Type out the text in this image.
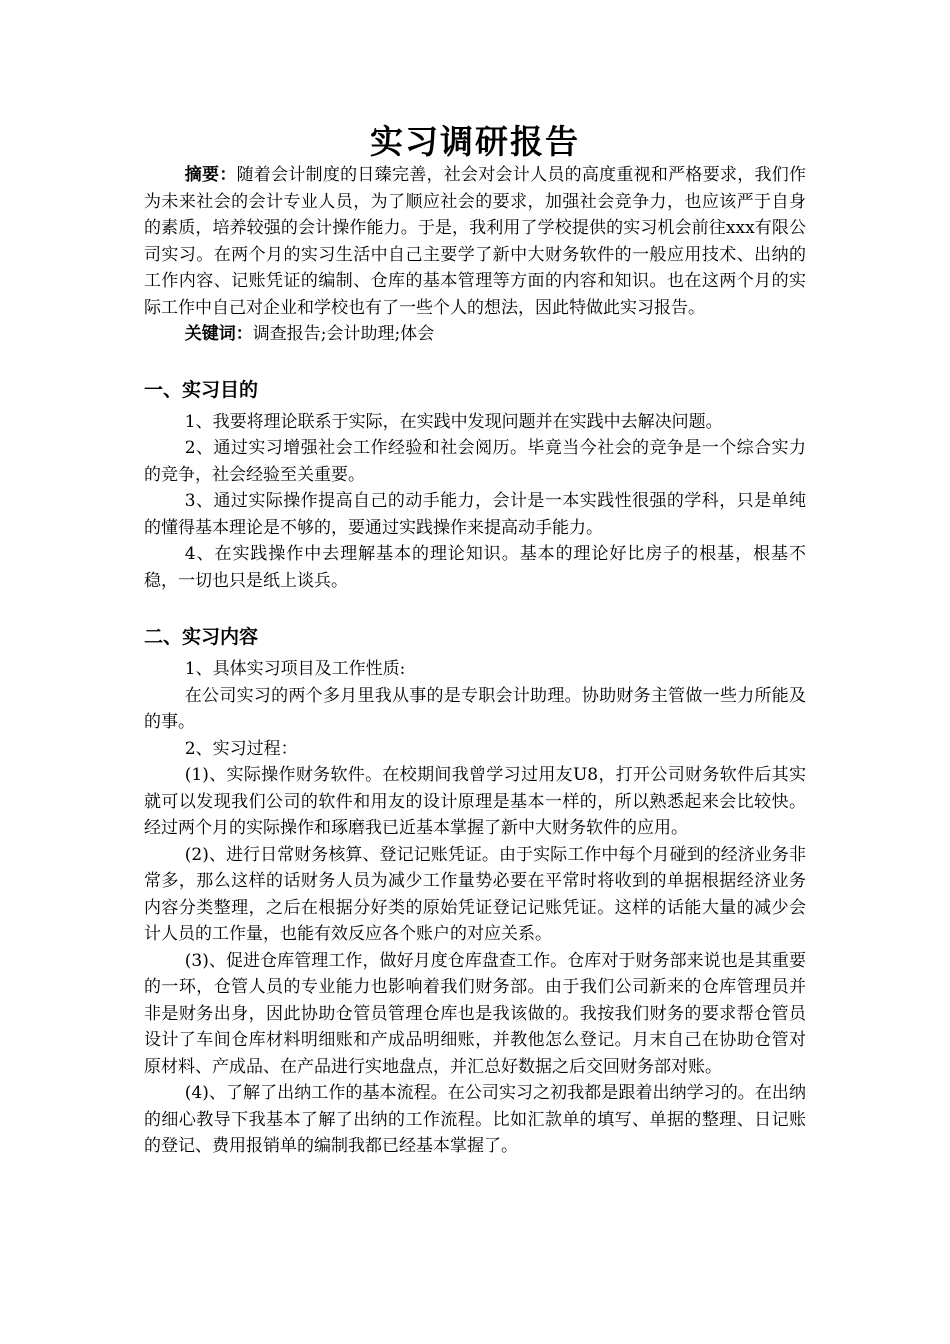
实习调研报告

摘要：随着会计制度的日臻完善，社会对会计人员的高度重视和严格要求，我们作为未来社会的会计专业人员，为了顺应社会的要求，加强社会竞争力，也应该严于自身的素质，培养较强的会计操作能力。于是，我利用了学校提供的实习机会前往xxx有限公司实习。在两个月的实习生活中自己主要学了新中大财务软件的一般应用技术、出纳的工作内容、记账凭证的编制、仓库的基本管理等方面的内容和知识。也在这两个月的实际工作中自己对企业和学校也有了一些个人的想法，因此特做此实习报告。

关键词：调查报告;会计助理;体会

一、实习目的

1、我要将理论联系于实际，在实践中发现问题并在实践中去解决问题。

2、通过实习增强社会工作经验和社会阅历。毕竟当今社会的竞争是一个综合实力的竞争，社会经验至关重要。

3、通过实际操作提高自己的动手能力，会计是一本实践性很强的学科，只是单纯的懂得基本理论是不够的，要通过实践操作来提高动手能力。

4、在实践操作中去理解基本的理论知识。基本的理论好比房子的根基，根基不稳，一切也只是纸上谈兵。

二、实习内容

1、具体实习项目及工作性质:

在公司实习的两个多月里我从事的是专职会计助理。协助财务主管做一些力所能及的事。

2、实习过程：

(1)、实际操作财务软件。在校期间我曾学习过用友U8，打开公司财务软件后其实就可以发现我们公司的软件和用友的设计原理是基本一样的，所以熟悉起来会比较快。经过两个月的实际操作和琢磨我已近基本掌握了新中大财务软件的应用。

(2)、进行日常财务核算、登记记账凭证。由于实际工作中每个月碰到的经济业务非常多，那么这样的话财务人员为减少工作量势必要在平常时将收到的单据根据经济业务内容分类整理，之后在根据分好类的原始凭证登记记账凭证。这样的话能大量的减少会计人员的工作量，也能有效反应各个账户的对应关系。

(3)、促进仓库管理工作，做好月度仓库盘查工作。仓库对于财务部来说也是其重要的一环，仓管人员的专业能力也影响着我们财务部。由于我们公司新来的仓库管理员并非是财务出身，因此协助仓管员管理仓库也是我该做的。我按我们财务的要求帮仓管员设计了车间仓库材料明细账和产成品明细账，并教他怎么登记。月末自己在协助仓管对原材料、产成品、在产品进行实地盘点，并汇总好数据之后交回财务部对账。

(4)、了解了出纳工作的基本流程。在公司实习之初我都是跟着出纳学习的。在出纳的细心教导下我基本了解了出纳的工作流程。比如汇款单的填写、单据的整理、日记账的登记、费用报销单的编制我都已经基本掌握了。
